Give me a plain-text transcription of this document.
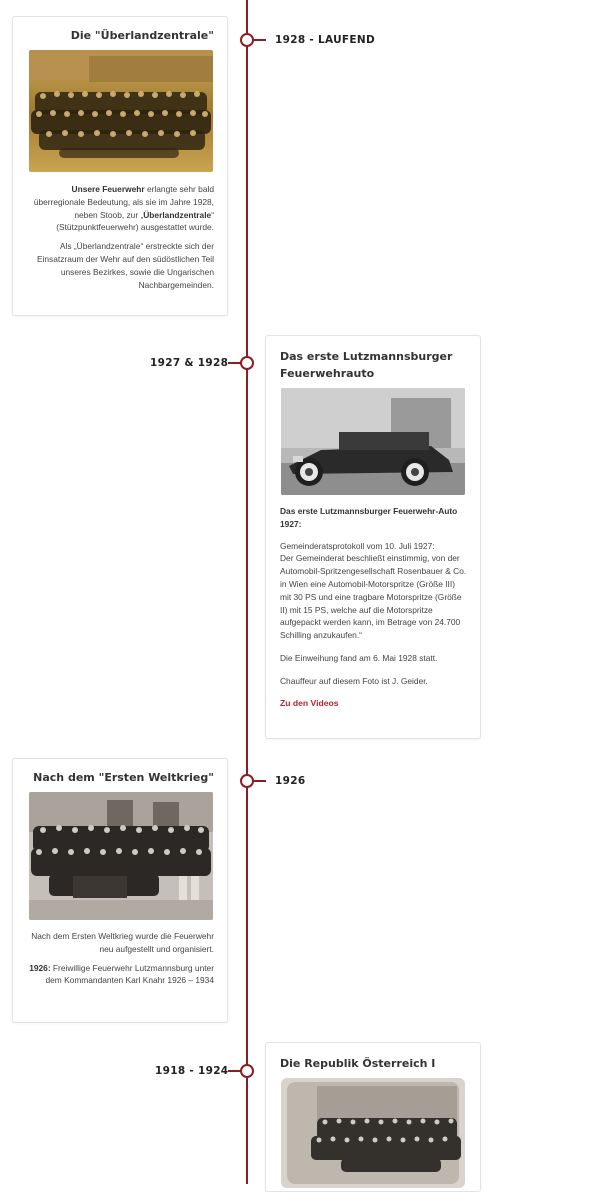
1928 - LAUFEND

Die "Überlandzentrale"

Unsere Feuerwehr erlangte sehr bald überregionale Bedeutung, als sie im Jahre 1928, neben Stoob, zur „Überlandzentrale“ (Stützpunktfeuerwehr) ausgestattet wurde.

Als „Überlandzentrale“ erstreckte sich der Einsatzraum der Wehr auf den südöstlichen Teil unseres Bezirkes, sowie die Ungarischen Nachbargemeinden.

1927 & 1928	Das erste Lutzmannsburger Feuerwehrauto

Das erste Lutzmannsburger Feuerwehr-Auto 1927:

Gemeinderatsprotokoll vom 10. Juli 1927:

Der Gemeinderat beschließt einstimmig, von der Automobil-Spritzengesellschaft Rosenbauer & Co. in Wien eine Automobil-Motorspritze (Größe III) mit 30 PS und eine tragbare Motorspritze (Größe II) mit 15 PS, welche auf die Motorspritze aufgepackt werden kann, im Betrage von 24.700 Schilling anzukaufen.“

Die Einweihung fand am 6. Mai 1928 statt.

Chauffeur auf diesem Foto ist J. Geider.

Zu den Videos
1926

Nach dem "Ersten Weltkrieg"

Nach dem Ersten Weltkrieg wurde die Feuerwehr neu aufgestellt und organisiert.

1926: Freiwillige Feuerwehr Lutzmannsburg unter dem Kommandanten Karl Knahr 1926 – 1934

1918 - 1924

Die Republik Österreich I
